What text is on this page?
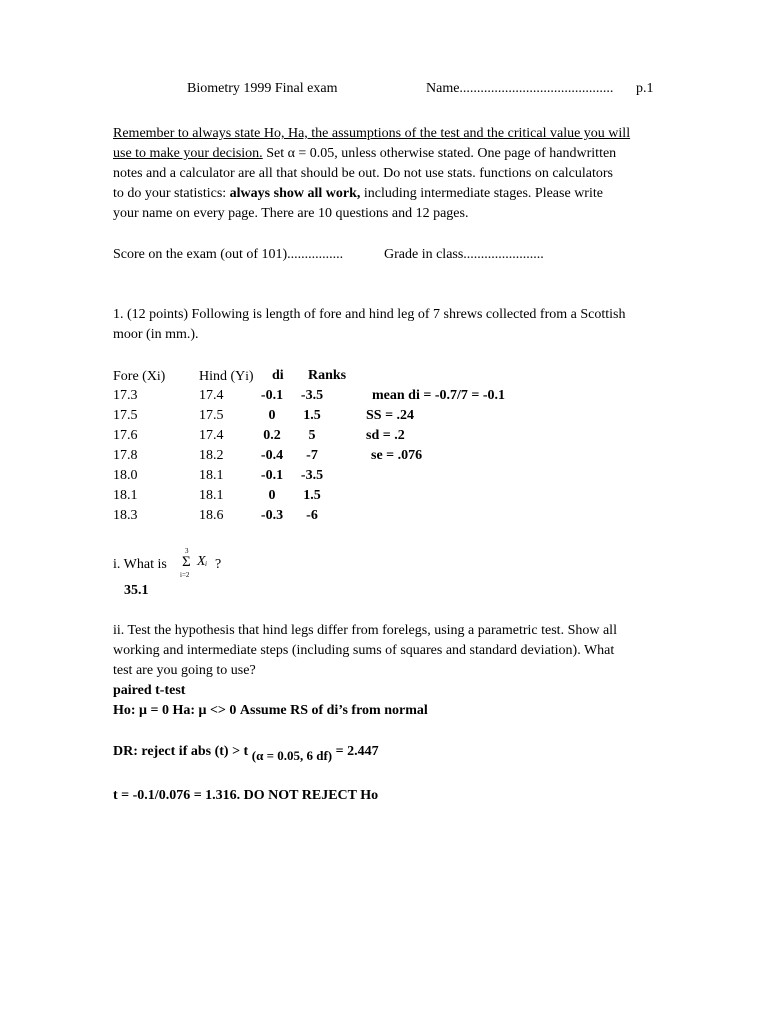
Biometry 1999 Final exam	Name............................................ p.1
Remember to always state Ho, Ha, the assumptions of the test and the critical value you will
use to make your decision. Set α = 0.05, unless otherwise stated. One page of handwritten
notes and a calculator are all that should be out. Do not use stats. functions on calculators
to do your statistics: always show all work, including intermediate stages. Please write
your name on every page. There are 10 questions and 12 pages.
Score on the exam (out of 101)................	Grade in class.......................
1. (12 points) Following is length of fore and hind leg of 7 shrews collected from a Scottish
moor (in mm.).
Fore (Xi) Hind (Yi) di Ranks
17.3	17.4	-0.1	-3.5
17.5	17.5	0	1.5
17.6	17.4	0.2	5
17.8	18.2	-0.4	-7
18.0	18.1	-0.1	-3.5
18.1	18.1	0	1.5
18.3	18.6	-0.3	-6
mean di = -0.7/7 = -0.1
SS = .24
sd = .2
se = .076
i. What is
3
Σ
i=2
X i ?
35.1
ii. Test the hypothesis that hind legs differ from forelegs, using a parametric test. Show all
working and intermediate steps (including sums of squares and standard deviation). What
test are you going to use?
paired t-test
Ho: μ = 0 Ha: μ <> 0 Assume RS of di’s from normal
DR: reject if abs (t) > t (α = 0.05, 6 df) = 2.447
t = -0.1/0.076 = 1.316. DO NOT REJECT Ho
